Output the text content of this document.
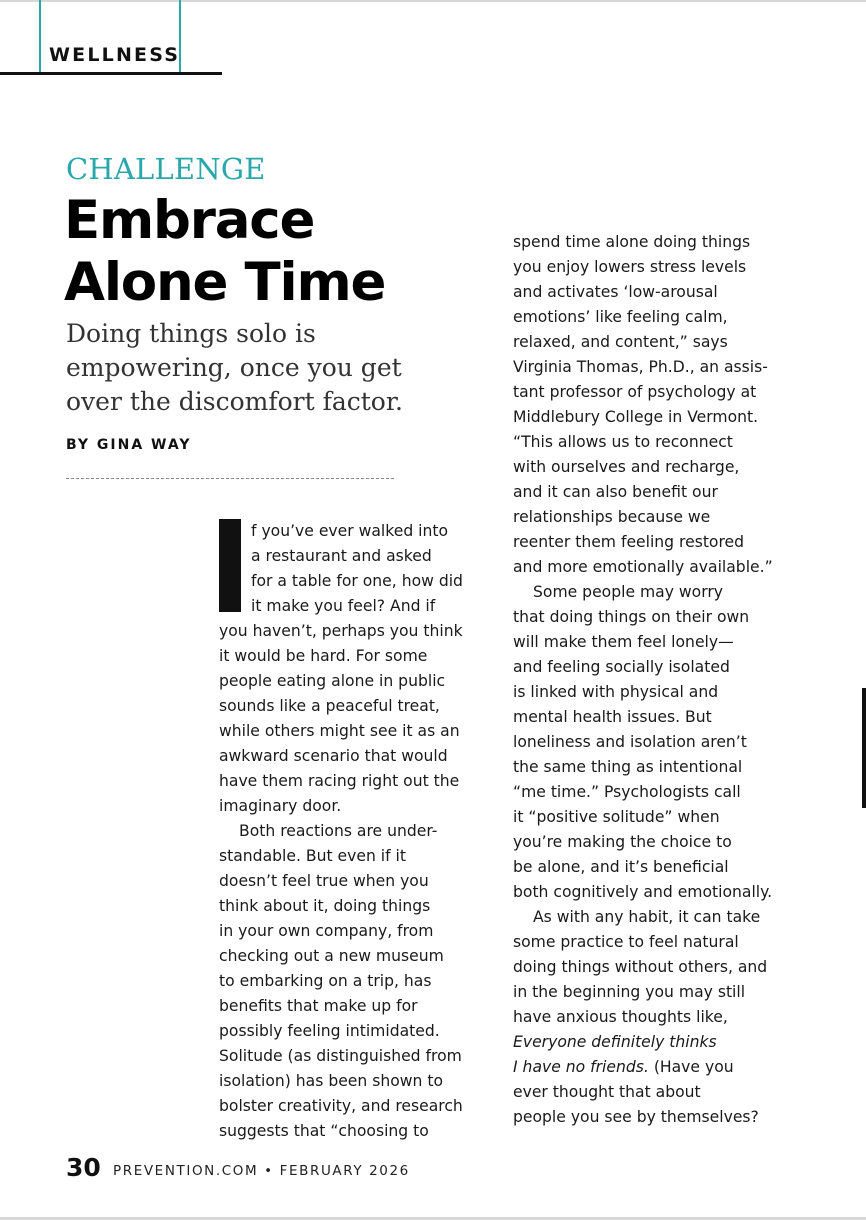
WELLNESS
CHALLENGE
Embrace
Alone Time
Doing things solo is empowering, once you get over the discomfort factor.
BY GINA WAY
f you’ve ever walked into
a restaurant and asked
for a table for one, how did
it make you feel? And if
you haven’t, perhaps you think
it would be hard. For some
people eating alone in public
sounds like a peaceful treat,
while others might see it as an
awkward scenario that would
have them racing right out the
imaginary door.
Both reactions are under-
standable. But even if it
doesn’t feel true when you
think about it, doing things
in your own company, from
checking out a new museum
to embarking on a trip, has
benefits that make up for
possibly feeling intimidated.
Solitude (as distinguished from
isolation) has been shown to
bolster creativity, and research
suggests that “choosing to
spend time alone doing things
you enjoy lowers stress levels
and activates ‘low-arousal
emotions’ like feeling calm,
relaxed, and content,” says
Virginia Thomas, Ph.D., an assis-
tant professor of psychology at
Middlebury College in Vermont.
“This allows us to reconnect
with ourselves and recharge,
and it can also benefit our
relationships because we
reenter them feeling restored
and more emotionally available.”
Some people may worry
that doing things on their own
will make them feel lonely—
and feeling socially isolated
is linked with physical and
mental health issues. But
loneliness and isolation aren’t
the same thing as intentional
“me time.” Psychologists call
it “positive solitude” when
you’re making the choice to
be alone, and it’s beneficial
both cognitively and emotionally.
As with any habit, it can take
some practice to feel natural
doing things without others, and
in the beginning you may still
have anxious thoughts like,
Everyone definitely thinks
I have no friends. (Have you
ever thought that about
people you see by themselves?
30 PREVENTION.COM • FEBRUARY 2026
